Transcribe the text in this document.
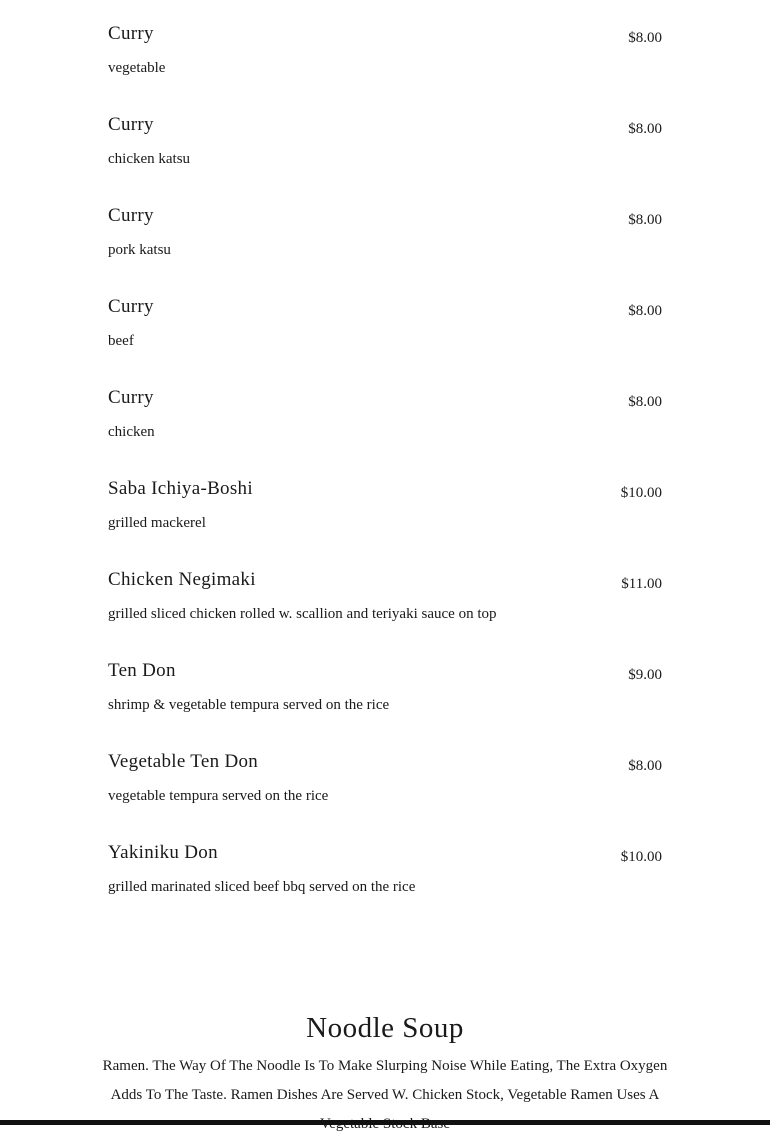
Curry	$8.00
vegetable
Curry	$8.00
chicken katsu
Curry	$8.00
pork katsu
Curry	$8.00
beef
Curry	$8.00
chicken
Saba Ichiya-Boshi	$10.00
grilled mackerel
Chicken Negimaki	$11.00
grilled sliced chicken rolled w. scallion and teriyaki sauce on top
Ten Don	$9.00
shrimp & vegetable tempura served on the rice
Vegetable Ten Don	$8.00
vegetable tempura served on the rice
Yakiniku Don	$10.00
grilled marinated sliced beef bbq served on the rice
Noodle Soup
Ramen. The Way Of The Noodle Is To Make Slurping Noise While Eating, The Extra Oxygen Adds To The Taste. Ramen Dishes Are Served W. Chicken Stock, Vegetable Ramen Uses A
